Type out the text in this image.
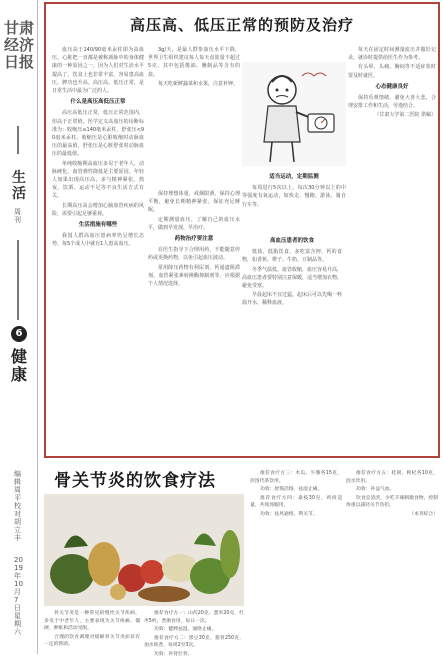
甘肃经济日报
生活
周刊
6
健康
编辑 周 平 校对 胡立丰
2019年10月7日 星期六
高压高、低压正常的预防及治疗

血压高于140/90毫米汞柱即为高血压。心脏把一直都是被称颈脉中的身体健康的一种原因之一，因为人们对生活水平提高了，饮食上也非常丰富，容易患高血压，脾功也升高。高压高、低压正常，是日常生活中最为广泛的人。

什么是高压高低压正常

高压高低压正常，低压正常范围内，但高于正常值。医学定义高血压的诊断标准为：收缩压≥140毫米汞柱，舒张压<90毫米汞柱。收缩压是心脏收缩时动脉血压的最高值，舒张压是心脏舒张时动脉血压的最低值。

单纯收缩期高血压多见于老年人，动脉硬化、血管弹性降低是主要原因。年轻人如果出现高压高，多与精神紧张、熬夜、饮酒、运动不足等不良生活方式有关。

长期高压高会增加心脑血管疾病的风险，需要引起足够重视。

生活措施有哪些

我国人群高血压患病率仍呈增长态势，每5个成人中就有1人患高血压。

3g/天，是最人群参血压水平下降，世界卫生组织建议每人每天食盐量不超过5克，其中包括酱油、腌制品等含有的盐。

每天吃新鲜蔬菜和水果，注意补钾。

适当运动，定期监测

每周进行5次以上、每次30分钟以上的中等强度有氧运动，如快走、慢跑、游泳、骑自行车等。

保持理想体重，戒烟限酒，保持心理平衡，避免长期精神紧张，保证充足睡眠。

定期测量血压，了解自己的血压水平，做到早发现、早治疗。

药物治疗要注意

在医生指导下合理用药，不能随意停药或更换药物，以免引起血压波动。

常用降压药物有利尿剂、钙通道阻滞剂、血管紧张素转换酶抑制剂等，应根据个人情况选择。

高血压患者的饮食

低盐、低脂饮食，多吃富含钾、钙的食物，如香蕉、橙子、牛奶、豆制品等。

冬季气温低，血管收缩，血压容易升高，高血压患者要特别注意保暖，适当增加衣物，避免受寒。

早晨起床不宜过猛，起床后可以先喝一杯温开水，稀释血液。

每天在固定时间测量血压并做好记录，就诊时提供给医生作为参考。

有头晕、头痛、胸闷等不适症状时要及时就医。

心态健康良好

保持乐观情绪，避免大喜大悲，合理安排工作和生活，劳逸结合。

（甘肃大学第二医院 供稿）

骨关节炎的饮食疗法

骨关节炎是一种常见的慢性关节疾病，多发于中老年人，主要表现为关节疼痛、僵硬、肿胀和活动受限。

合理的饮食调理对缓解骨关节炎症状有一定的帮助。

推荐食疗方一：山药20克、薏米20克、红枣5枚，煮粥食用，每日一次。

功效：健脾祛湿，通络止痛。

推荐食疗方二：黑豆30克、猪骨250克，加水炖煮，每周2至3次。

功效：补肾壮骨。

推荐食疗方三：木瓜、牛膝各15克，煎汤代茶饮用。

功效：舒筋活络，祛湿止痛。

推荐食疗方四：桑枝30克、鸡肉适量，共炖汤服用。

功效：祛风通络，利关节。

推荐食疗方五：桂圆、枸杞各10克，泡水饮用。

功效：补益气血。

饮食宜清淡，少吃辛辣刺激食物，控制体重以减轻关节负担。

（本刊综合）
